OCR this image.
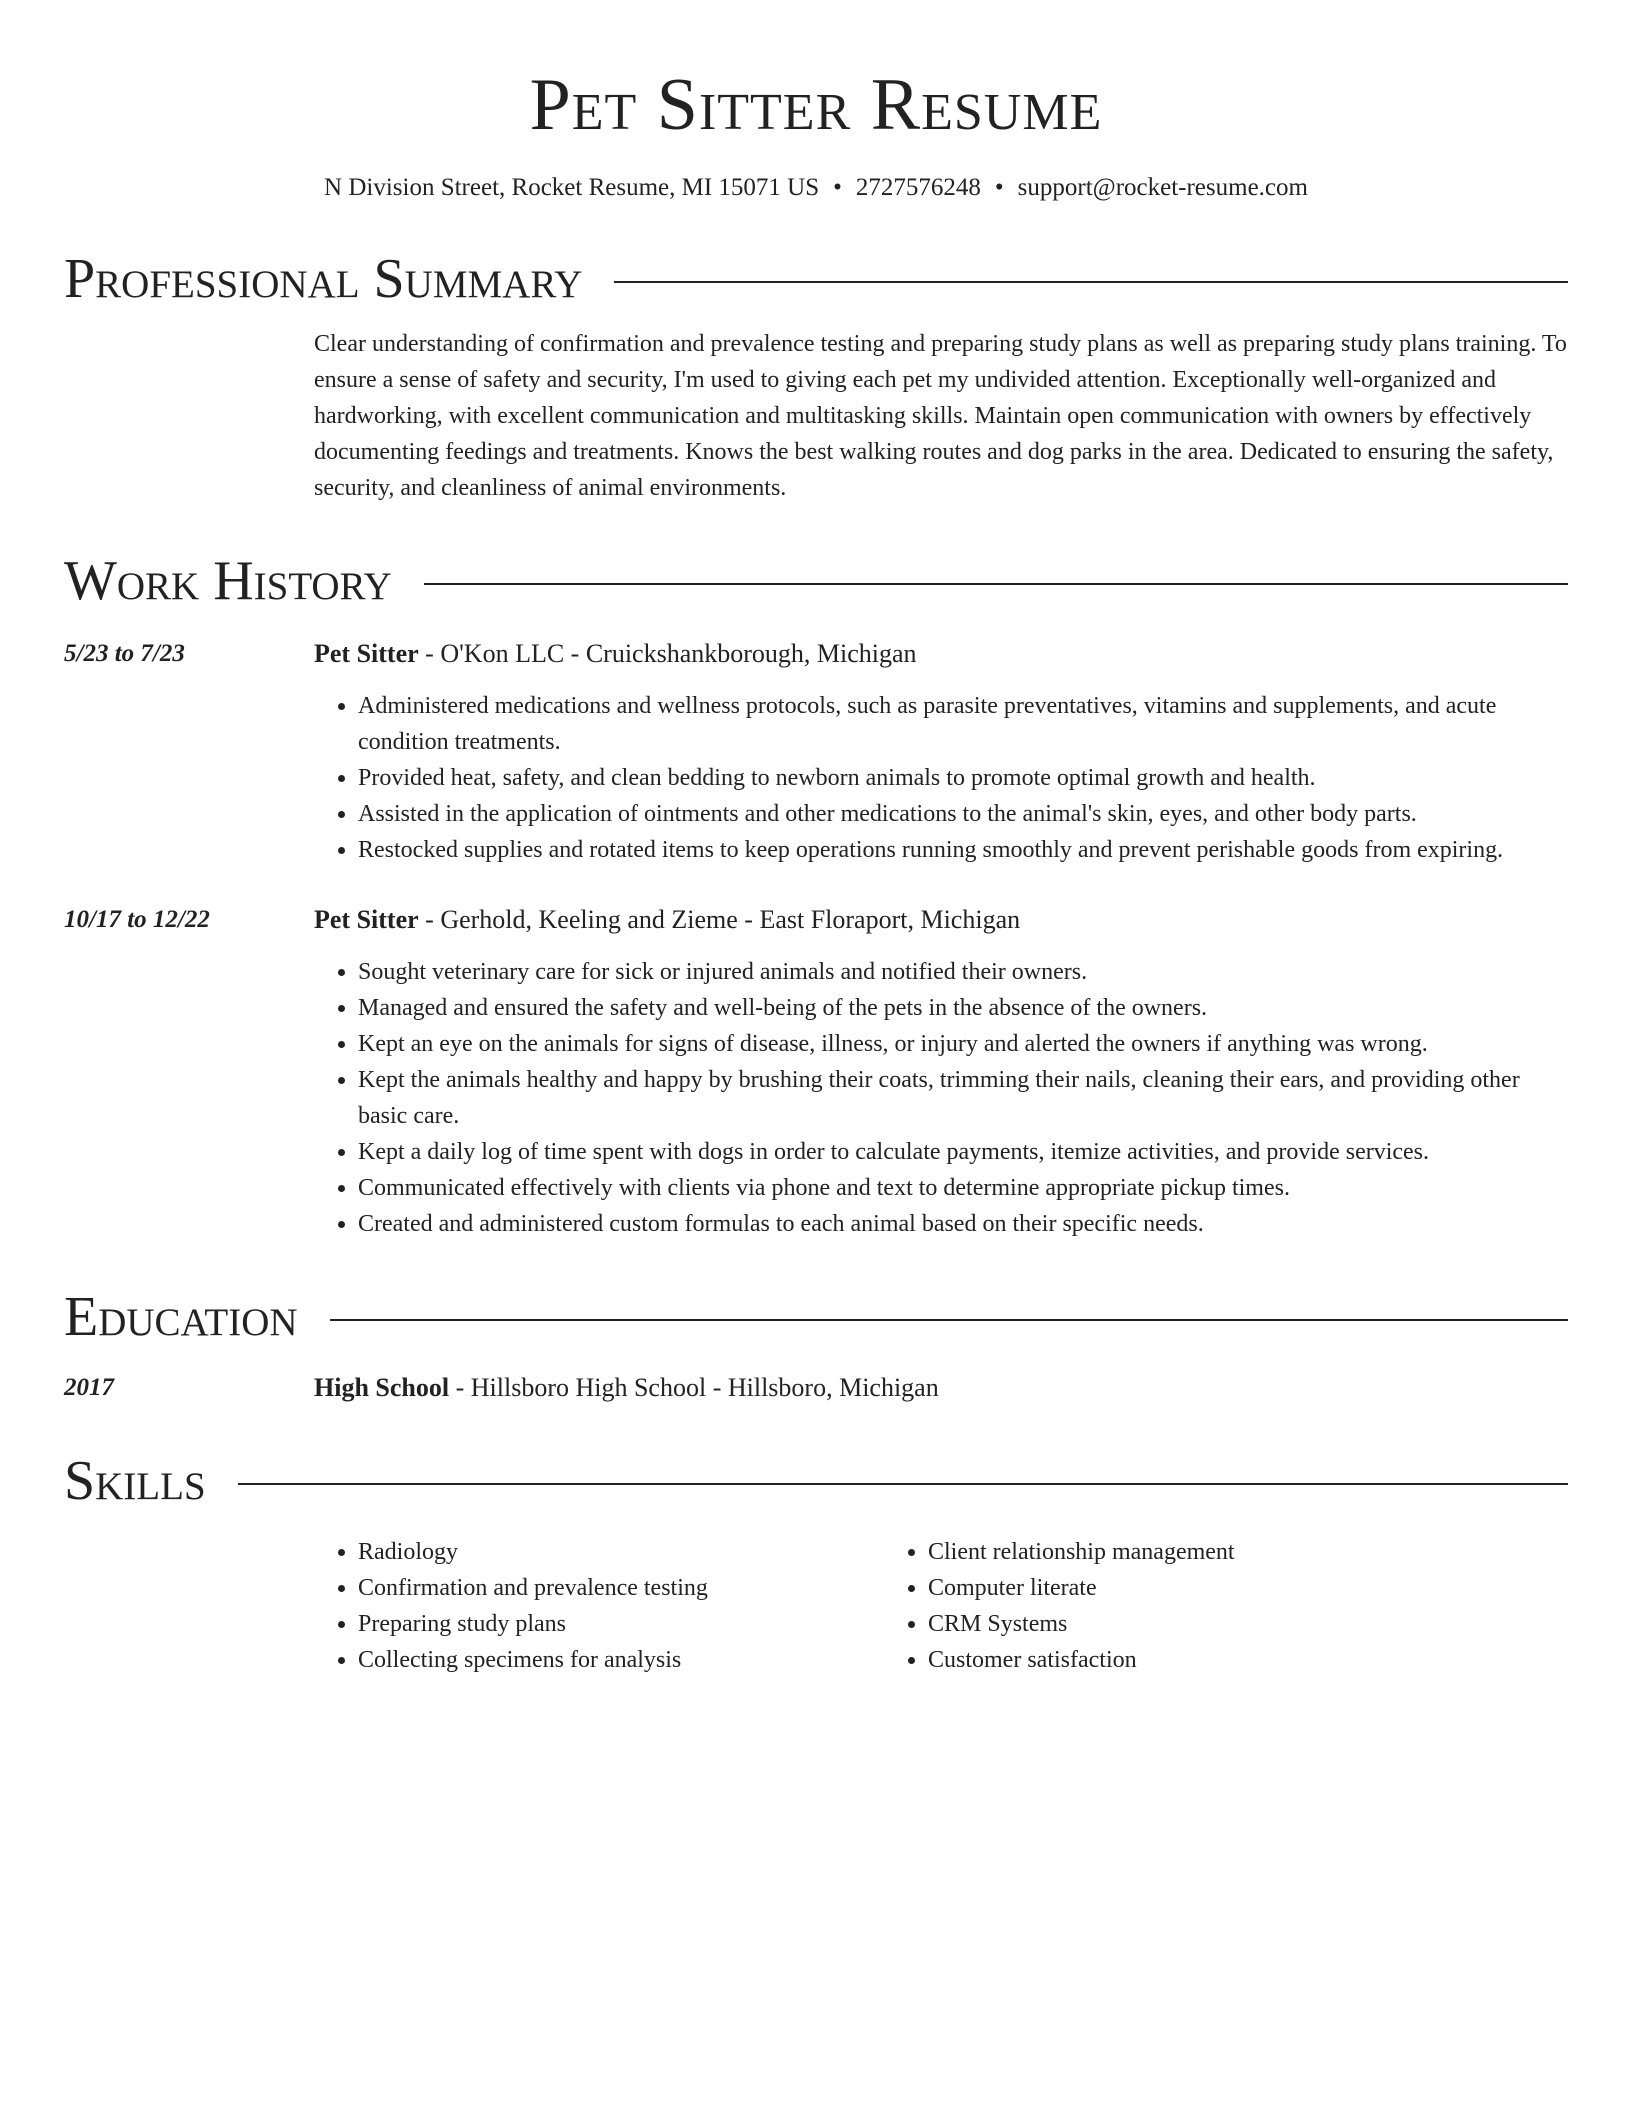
Pet Sitter Resume
N Division Street, Rocket Resume, MI 15071 US • 2727576248 • support@rocket-resume.com
Professional Summary
Clear understanding of confirmation and prevalence testing and preparing study plans as well as preparing study plans training. To ensure a sense of safety and security, I'm used to giving each pet my undivided attention. Exceptionally well-organized and hardworking, with excellent communication and multitasking skills. Maintain open communication with owners by effectively documenting feedings and treatments. Knows the best walking routes and dog parks in the area. Dedicated to ensuring the safety, security, and cleanliness of animal environments.
Work History
5/23 to 7/23	Pet Sitter - O'Kon LLC - Cruickshankborough, Michigan
• Administered medications and wellness protocols, such as parasite preventatives, vitamins and supplements, and acute condition treatments.
• Provided heat, safety, and clean bedding to newborn animals to promote optimal growth and health.
• Assisted in the application of ointments and other medications to the animal's skin, eyes, and other body parts.
• Restocked supplies and rotated items to keep operations running smoothly and prevent perishable goods from expiring.
10/17 to 12/22	Pet Sitter - Gerhold, Keeling and Zieme - East Floraport, Michigan
• Sought veterinary care for sick or injured animals and notified their owners.
• Managed and ensured the safety and well-being of the pets in the absence of the owners.
• Kept an eye on the animals for signs of disease, illness, or injury and alerted the owners if anything was wrong.
• Kept the animals healthy and happy by brushing their coats, trimming their nails, cleaning their ears, and providing other basic care.
• Kept a daily log of time spent with dogs in order to calculate payments, itemize activities, and provide services.
• Communicated effectively with clients via phone and text to determine appropriate pickup times.
• Created and administered custom formulas to each animal based on their specific needs.
Education
2017	High School - Hillsboro High School - Hillsboro, Michigan
Skills
• Radiology
• Confirmation and prevalence testing
• Preparing study plans
• Collecting specimens for analysis
• Client relationship management
• Computer literate
• CRM Systems
• Customer satisfaction
